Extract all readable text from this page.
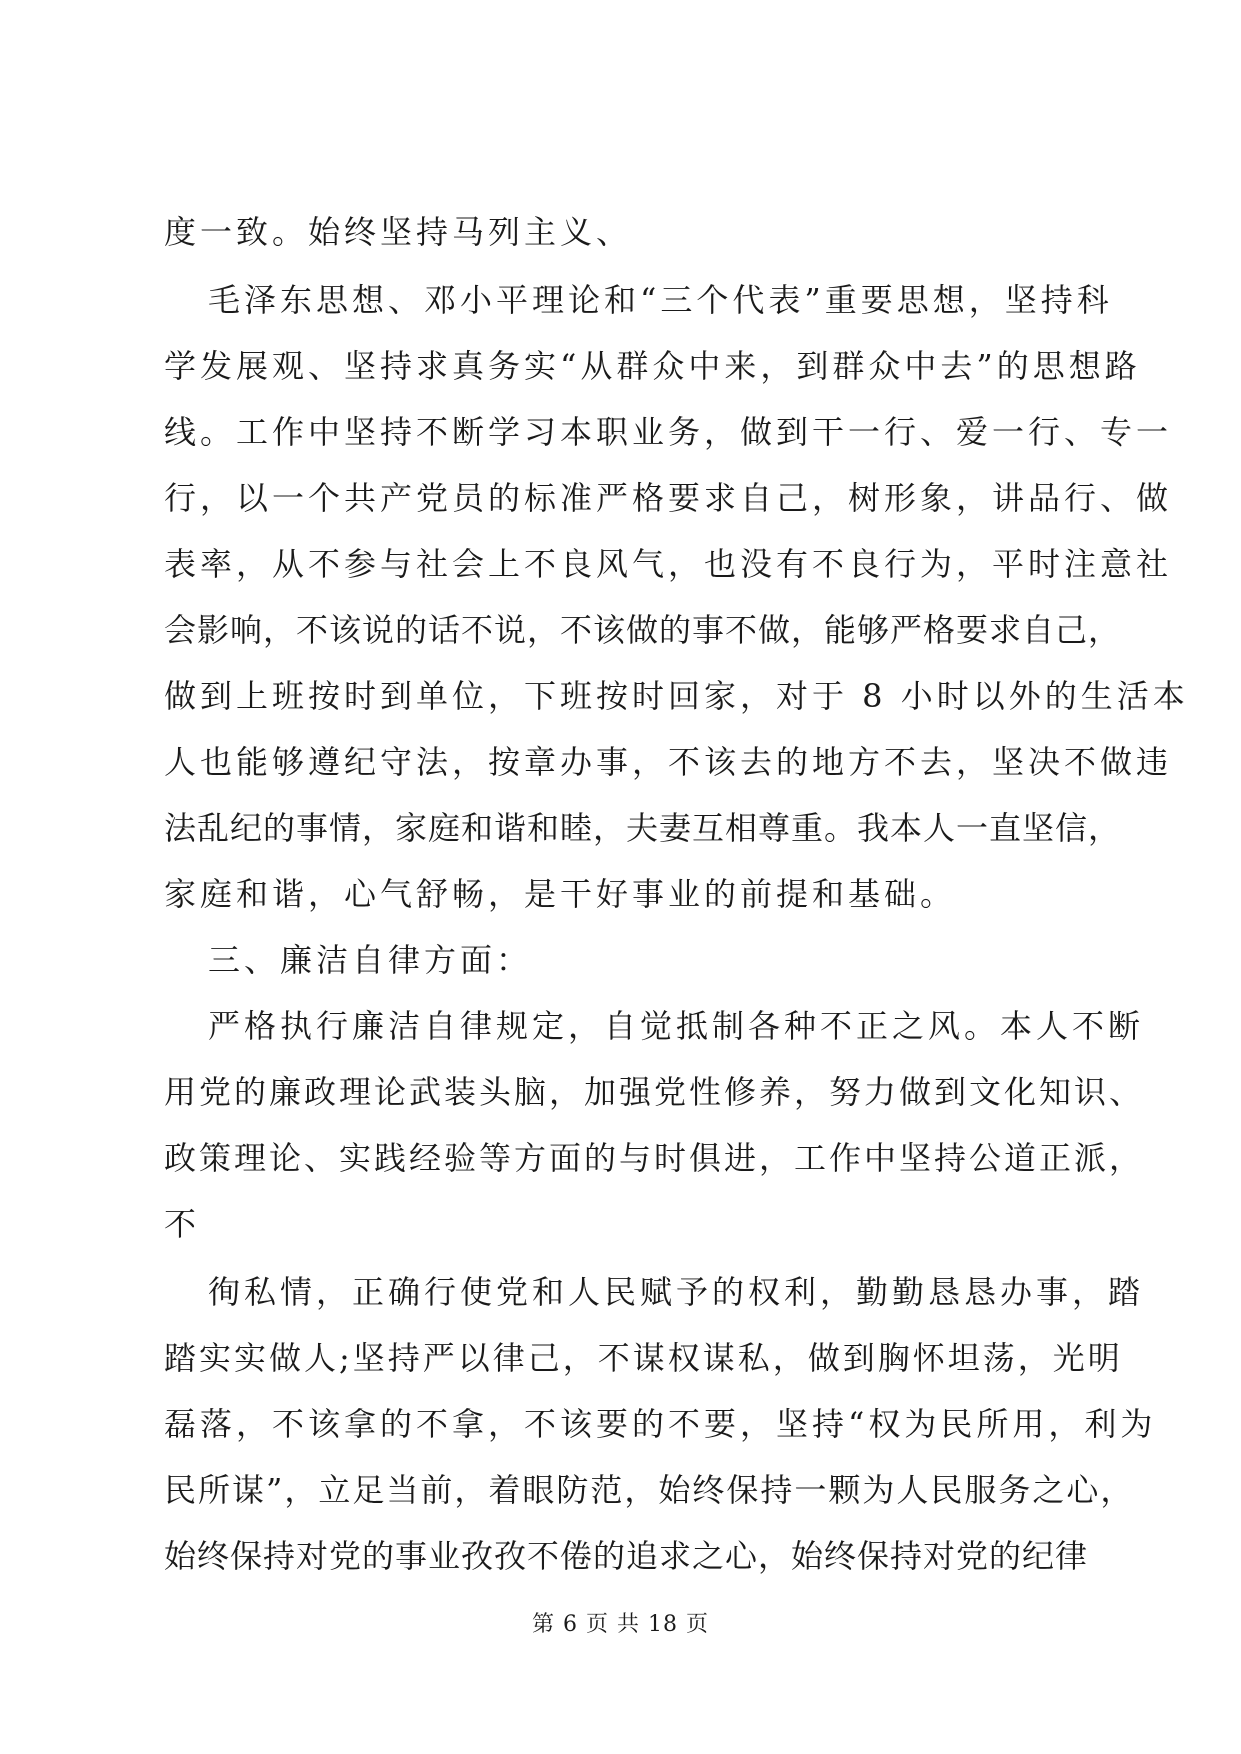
度一致。始终坚持马列主义、
毛泽东思想、邓小平理论和“三个代表”重要思想，坚持科
学发展观、坚持求真务实“从群众中来，到群众中去”的思想路
线。工作中坚持不断学习本职业务，做到干一行、爱一行、专一
行，以一个共产党员的标准严格要求自己，树形象，讲品行、做
表率，从不参与社会上不良风气，也没有不良行为，平时注意社
会影响，不该说的话不说，不该做的事不做，能够严格要求自己，
做到上班按时到单位，下班按时回家，对于 8 小时以外的生活本
人也能够遵纪守法，按章办事，不该去的地方不去，坚决不做违
法乱纪的事情，家庭和谐和睦，夫妻互相尊重。我本人一直坚信，
家庭和谐，心气舒畅，是干好事业的前提和基础。
三、廉洁自律方面：
严格执行廉洁自律规定，自觉抵制各种不正之风。本人不断
用党的廉政理论武装头脑，加强党性修养，努力做到文化知识、
政策理论、实践经验等方面的与时俱进，工作中坚持公道正派，
不
徇私情，正确行使党和人民赋予的权利，勤勤恳恳办事，踏
踏实实做人;坚持严以律己，不谋权谋私，做到胸怀坦荡，光明
磊落，不该拿的不拿，不该要的不要，坚持“权为民所用，利为
民所谋”，立足当前，着眼防范，始终保持一颗为人民服务之心，
始终保持对党的事业孜孜不倦的追求之心，始终保持对党的纪律
第 6 页 共 18 页
